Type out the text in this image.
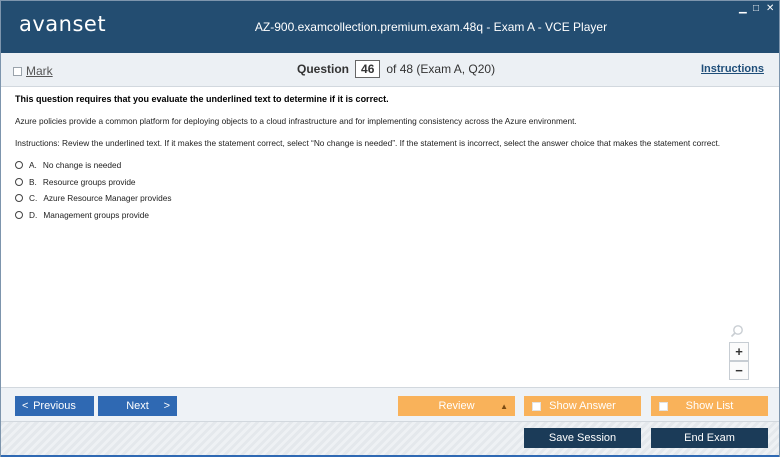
avanset	AZ-900.examcollection.premium.exam.48q - Exam A - VCE Player
▁ □ ✕
Mark	Question	46	of 48 (Exam A, Q20)	Instructions
This question requires that you evaluate the underlined text to determine if it is correct.
Azure policies provide a common platform for deploying objects to a cloud infrastructure and for implementing consistency across the Azure environment.
Instructions: Review the underlined text. If it makes the statement correct, select “No change is needed”. If the statement is incorrect, select the answer choice that makes the statement correct.
A. No change is needed
B. Resource groups provide
C. Azure Resource Manager provides
D. Management groups provide
+
−
< Previous	Next >	Review	▲	Show Answer	Show List
Save Session	End Exam
